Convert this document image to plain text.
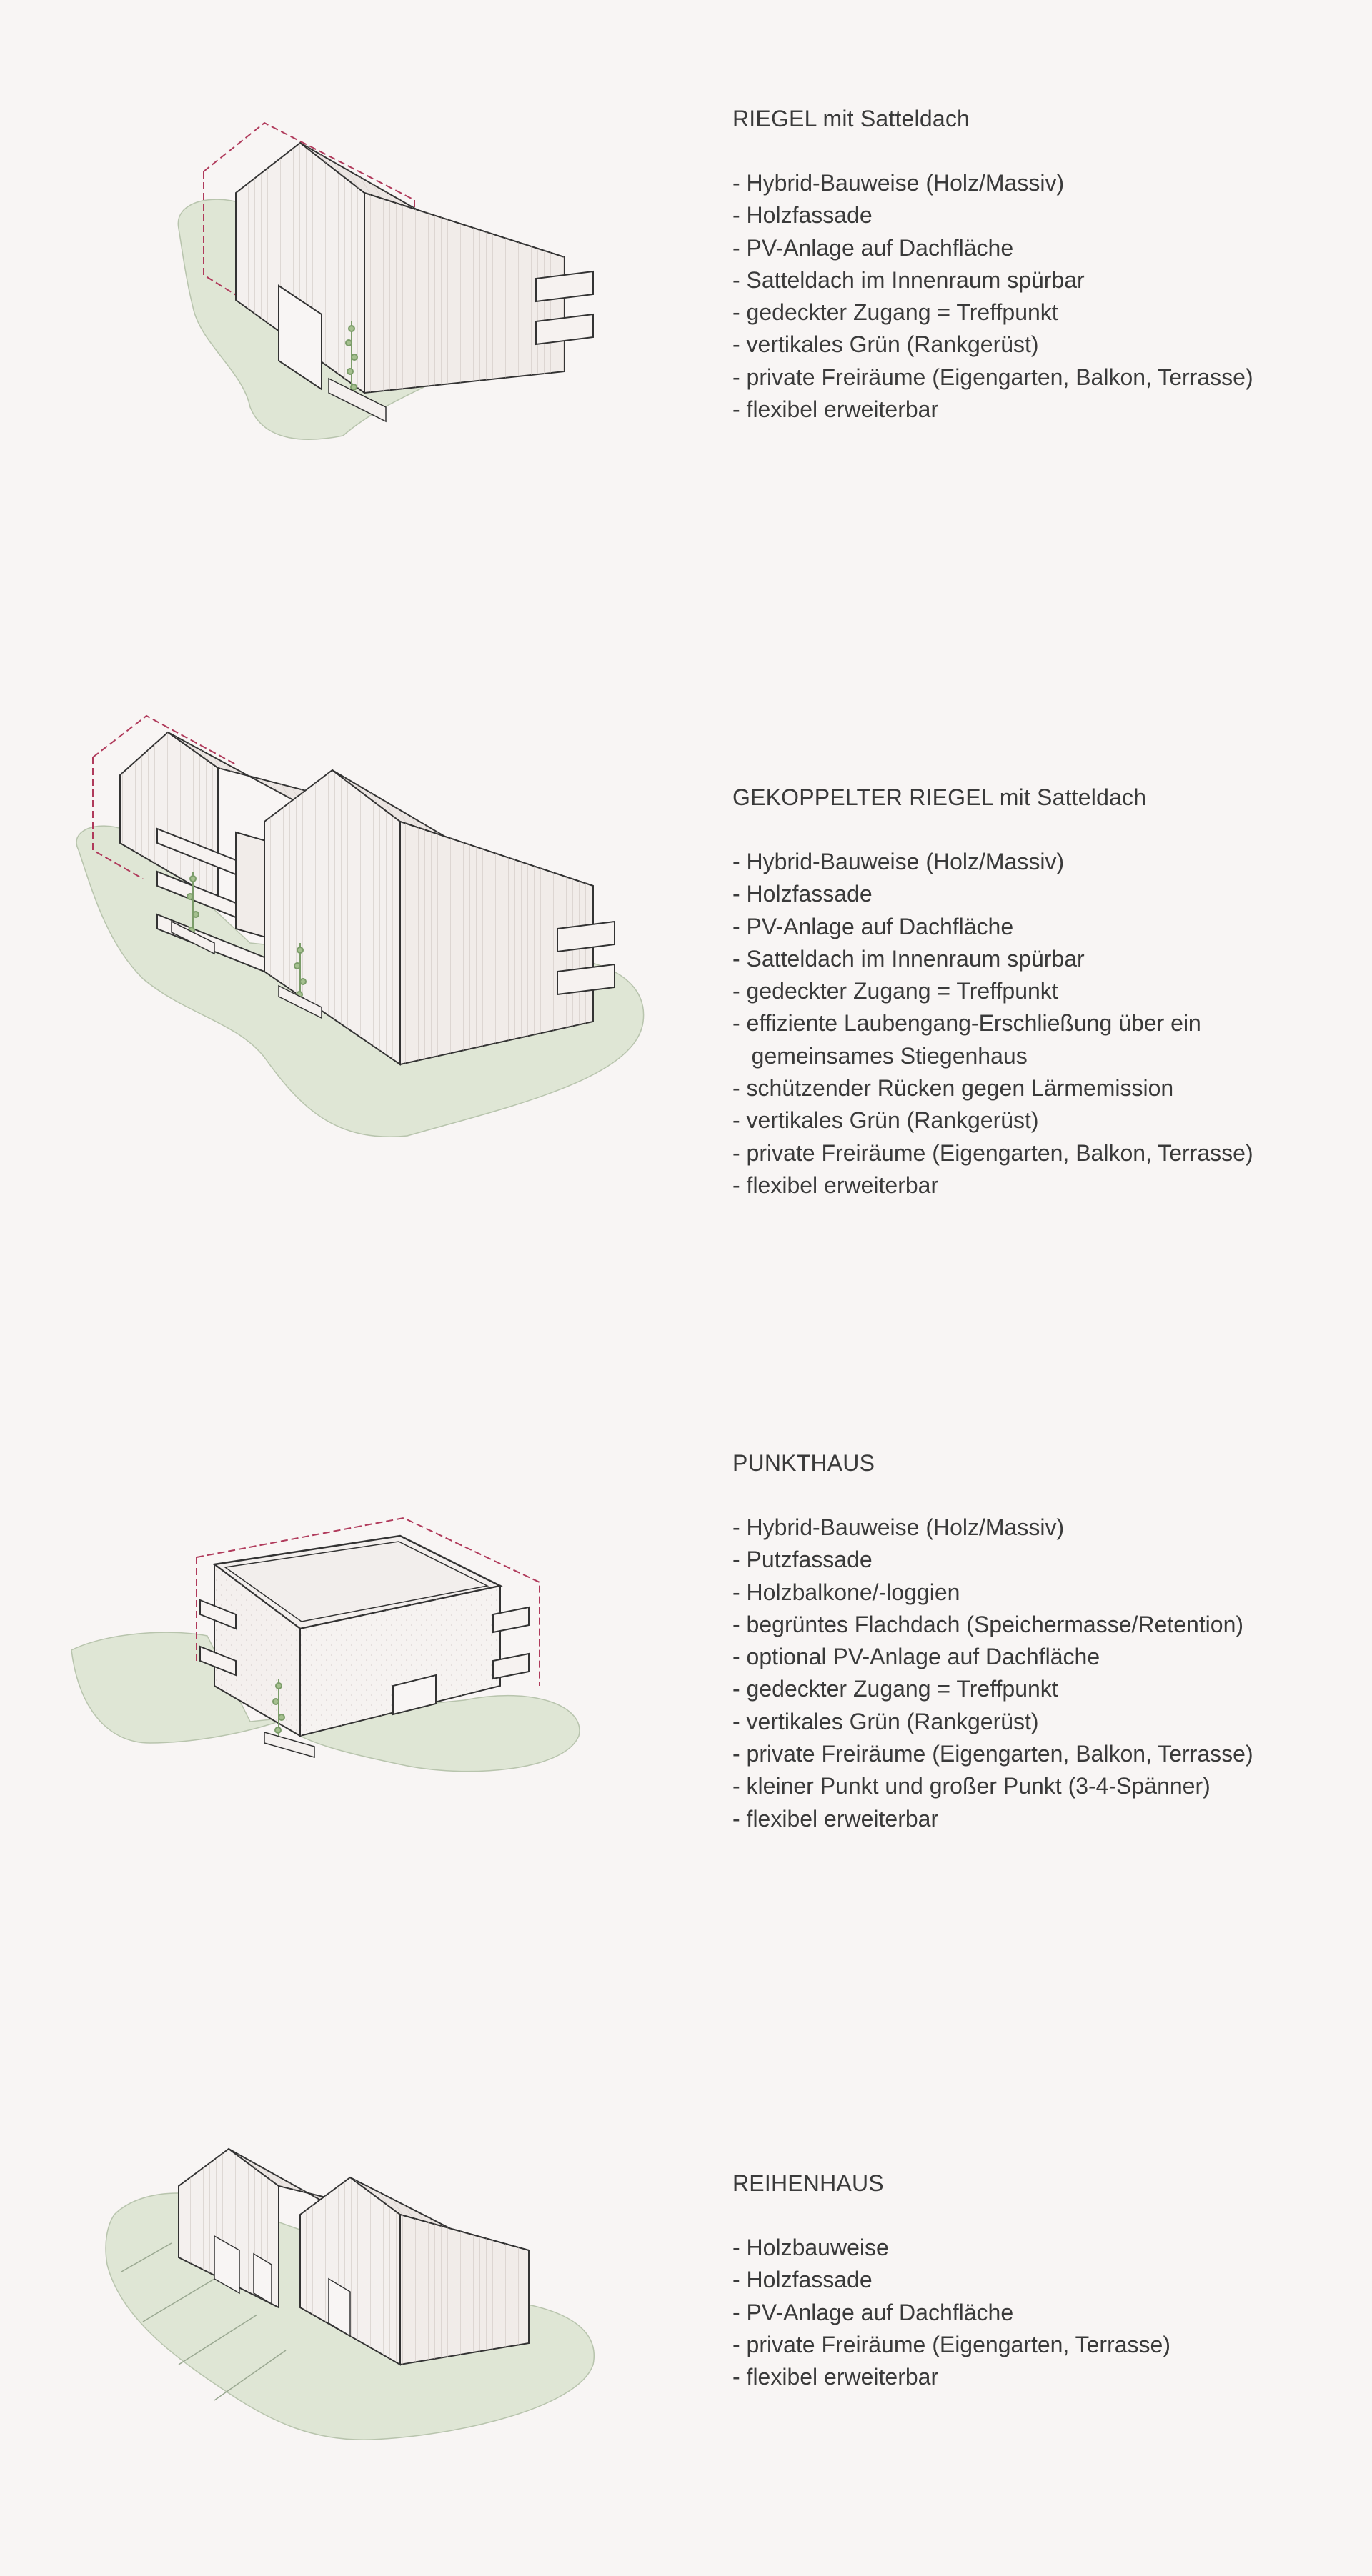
RIEGEL mit Satteldach
- Hybrid-Bauweise (Holz/Massiv)
- Holzfassade
- PV-Anlage auf Dachfläche
- Satteldach im Innenraum spürbar
- gedeckter Zugang = Treffpunkt
- vertikales Grün (Rankgerüst)
- private Freiräume (Eigengarten, Balkon, Terrasse)
- flexibel erweiterbar
GEKOPPELTER RIEGEL mit Satteldach
- Hybrid-Bauweise (Holz/Massiv)
- Holzfassade
- PV-Anlage auf Dachfläche
- Satteldach im Innenraum spürbar
- gedeckter Zugang = Treffpunkt
- effiziente Laubengang-Erschließung über ein
gemeinsames Stiegenhaus
- schützender Rücken gegen Lärmemission
- vertikales Grün (Rankgerüst)
- private Freiräume (Eigengarten, Balkon, Terrasse)
- flexibel erweiterbar
PUNKTHAUS
- Hybrid-Bauweise (Holz/Massiv)
- Putzfassade
- Holzbalkone/-loggien
- begrüntes Flachdach (Speichermasse/Retention)
- optional PV-Anlage auf Dachfläche
- gedeckter Zugang = Treffpunkt
- vertikales Grün (Rankgerüst)
- private Freiräume (Eigengarten, Balkon, Terrasse)
- kleiner Punkt und großer Punkt (3-4-Spänner)
- flexibel erweiterbar
REIHENHAUS
- Holzbauweise
- Holzfassade
- PV-Anlage auf Dachfläche
- private Freiräume (Eigengarten, Terrasse)
- flexibel erweiterbar
